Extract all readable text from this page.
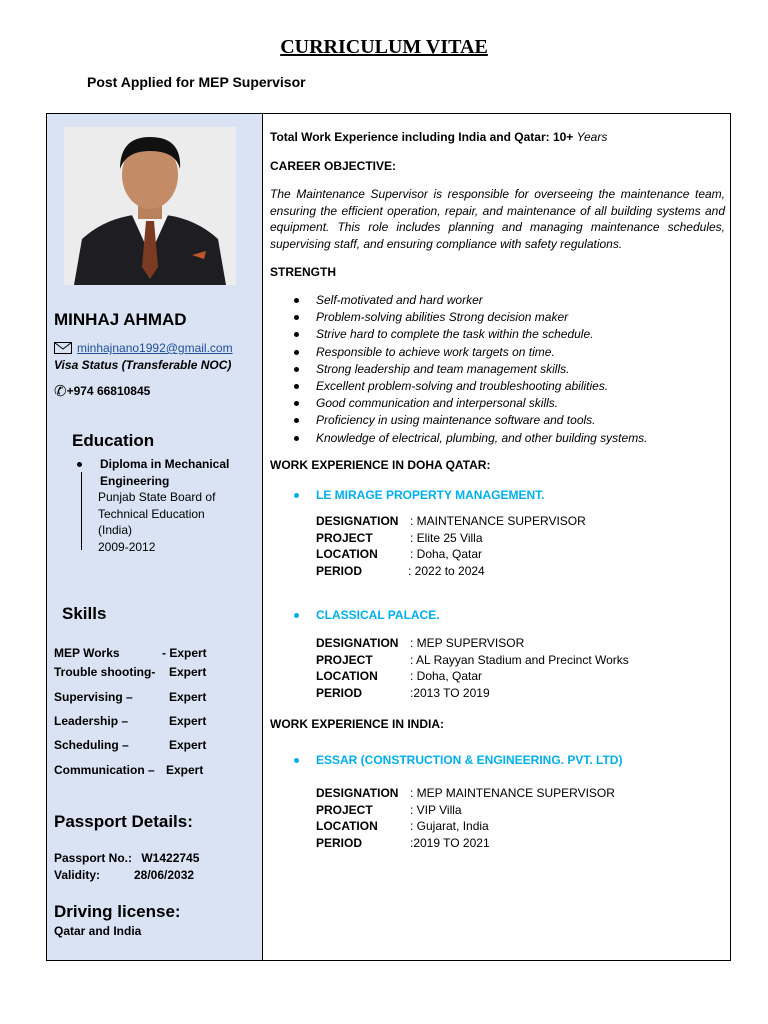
CURRICULUM VITAE
Post Applied for MEP Supervisor
MINHAJ AHMAD
minhajnano1992@gmail.com
Visa Status (Transferable NOC)
✆ +974 66810845
Education
Diploma in Mechanical Engineering
Punjab State Board of
Technical Education
(India)
2009-2012
Skills
MEP Works	- Expert
Trouble shooting- Expert
Supervising –	Expert
Leadership –	Expert
Scheduling –	Expert
Communication – Expert
Passport Details:
Passport No.: W1422745
Validity:	28/06/2032
Driving license:
Qatar and India
Total Work Experience including India and Qatar: 10+ Years
CAREER OBJECTIVE:
The Maintenance Supervisor is responsible for overseeing the maintenance team, ensuring the efficient operation, repair, and maintenance of all building systems and equipment. This role includes planning and managing maintenance schedules, supervising staff, and ensuring compliance with safety regulations.
STRENGTH
Self-motivated and hard worker
Problem-solving abilities Strong decision maker
Strive hard to complete the task within the schedule.
Responsible to achieve work targets on time.
Strong leadership and team management skills.
Excellent problem-solving and troubleshooting abilities.
Good communication and interpersonal skills.
Proficiency in using maintenance software and tools.
Knowledge of electrical, plumbing, and other building systems.
WORK EXPERIENCE IN DOHA QATAR:
LE MIRAGE PROPERTY MANAGEMENT.
DESIGNATION : MAINTENANCE SUPERVISOR
PROJECT	: Elite 25 Villa
LOCATION	: Doha, Qatar
PERIOD	: 2022 to 2024
CLASSICAL PALACE.
DESIGNATION : MEP SUPERVISOR
PROJECT	: AL Rayyan Stadium and Precinct Works
LOCATION	: Doha, Qatar
PERIOD	:2013 TO 2019
WORK EXPERIENCE IN INDIA:
ESSAR (CONSTRUCTION & ENGINEERING. PVT. LTD)
DESIGNATION : MEP MAINTENANCE SUPERVISOR
PROJECT	: VIP Villa
LOCATION	: Gujarat, India
PERIOD	:2019 TO 2021
